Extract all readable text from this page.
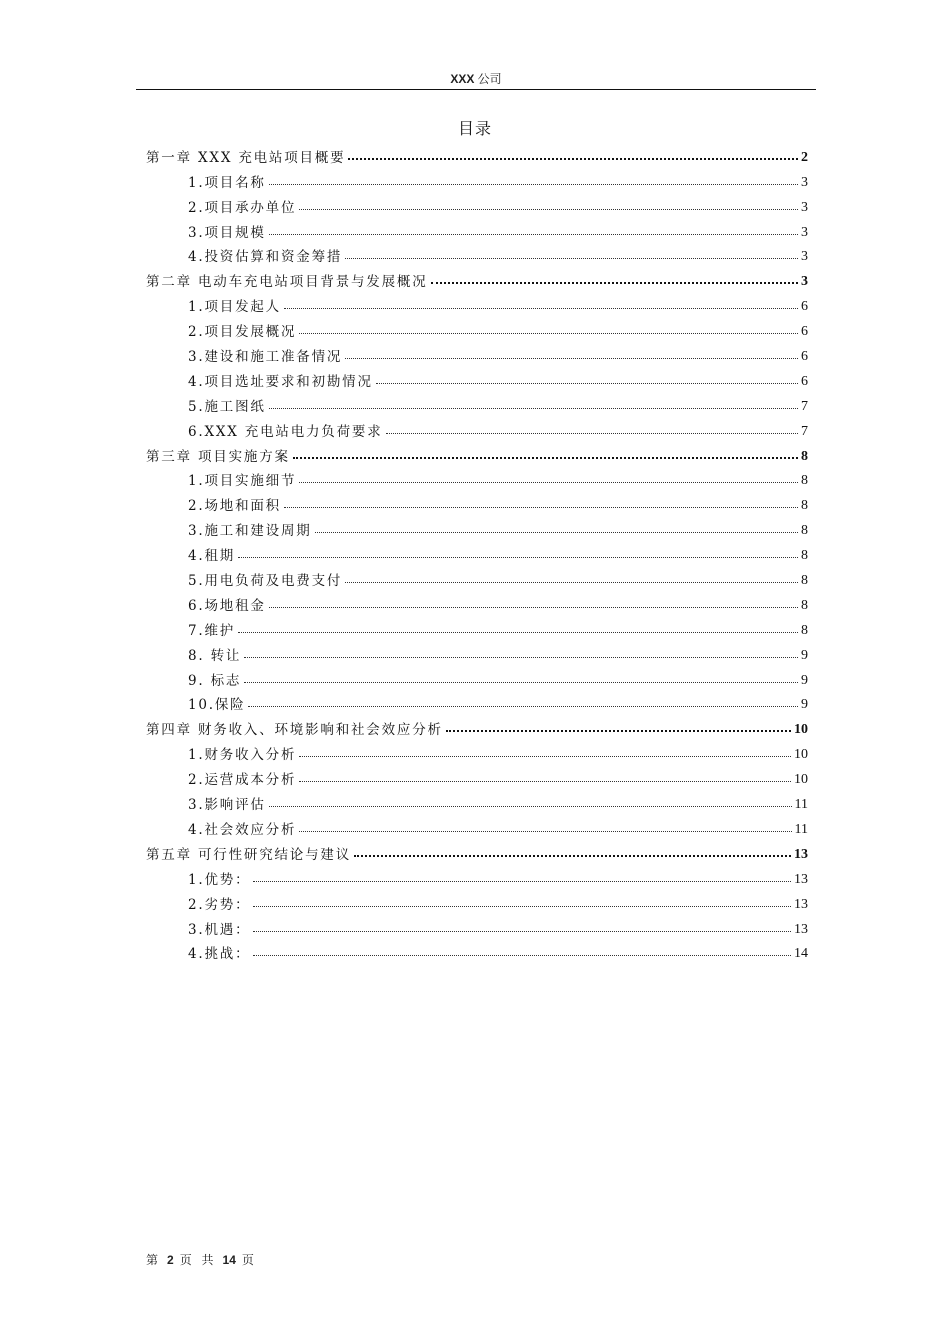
XXX 公司
目录
第一章 XXX 充电站项目概要	2
1.项目名称	3
2.项目承办单位	3
3.项目规模	3
4.投资估算和资金筹措	3
第二章 电动车充电站项目背景与发展概况	3
1.项目发起人	6
2.项目发展概况	6
3.建设和施工准备情况	6
4.项目选址要求和初勘情况	6
5.施工图纸	7
6.XXX 充电站电力负荷要求	7
第三章 项目实施方案	8
1.项目实施细节	8
2.场地和面积	8
3.施工和建设周期	8
4.租期	8
5.用电负荷及电费支付	8
6.场地租金	8
7.维护	8
8. 转让	9
9. 标志	9
10.保险	9
第四章 财务收入、环境影响和社会效应分析	10
1.财务收入分析	10
2.运营成本分析	10
3.影响评估	11
4.社会效应分析	11
第五章 可行性研究结论与建议	13
1.优势：	13
2.劣势：	13
3.机遇：	13
4.挑战：	14
第 2 页 共 14 页
